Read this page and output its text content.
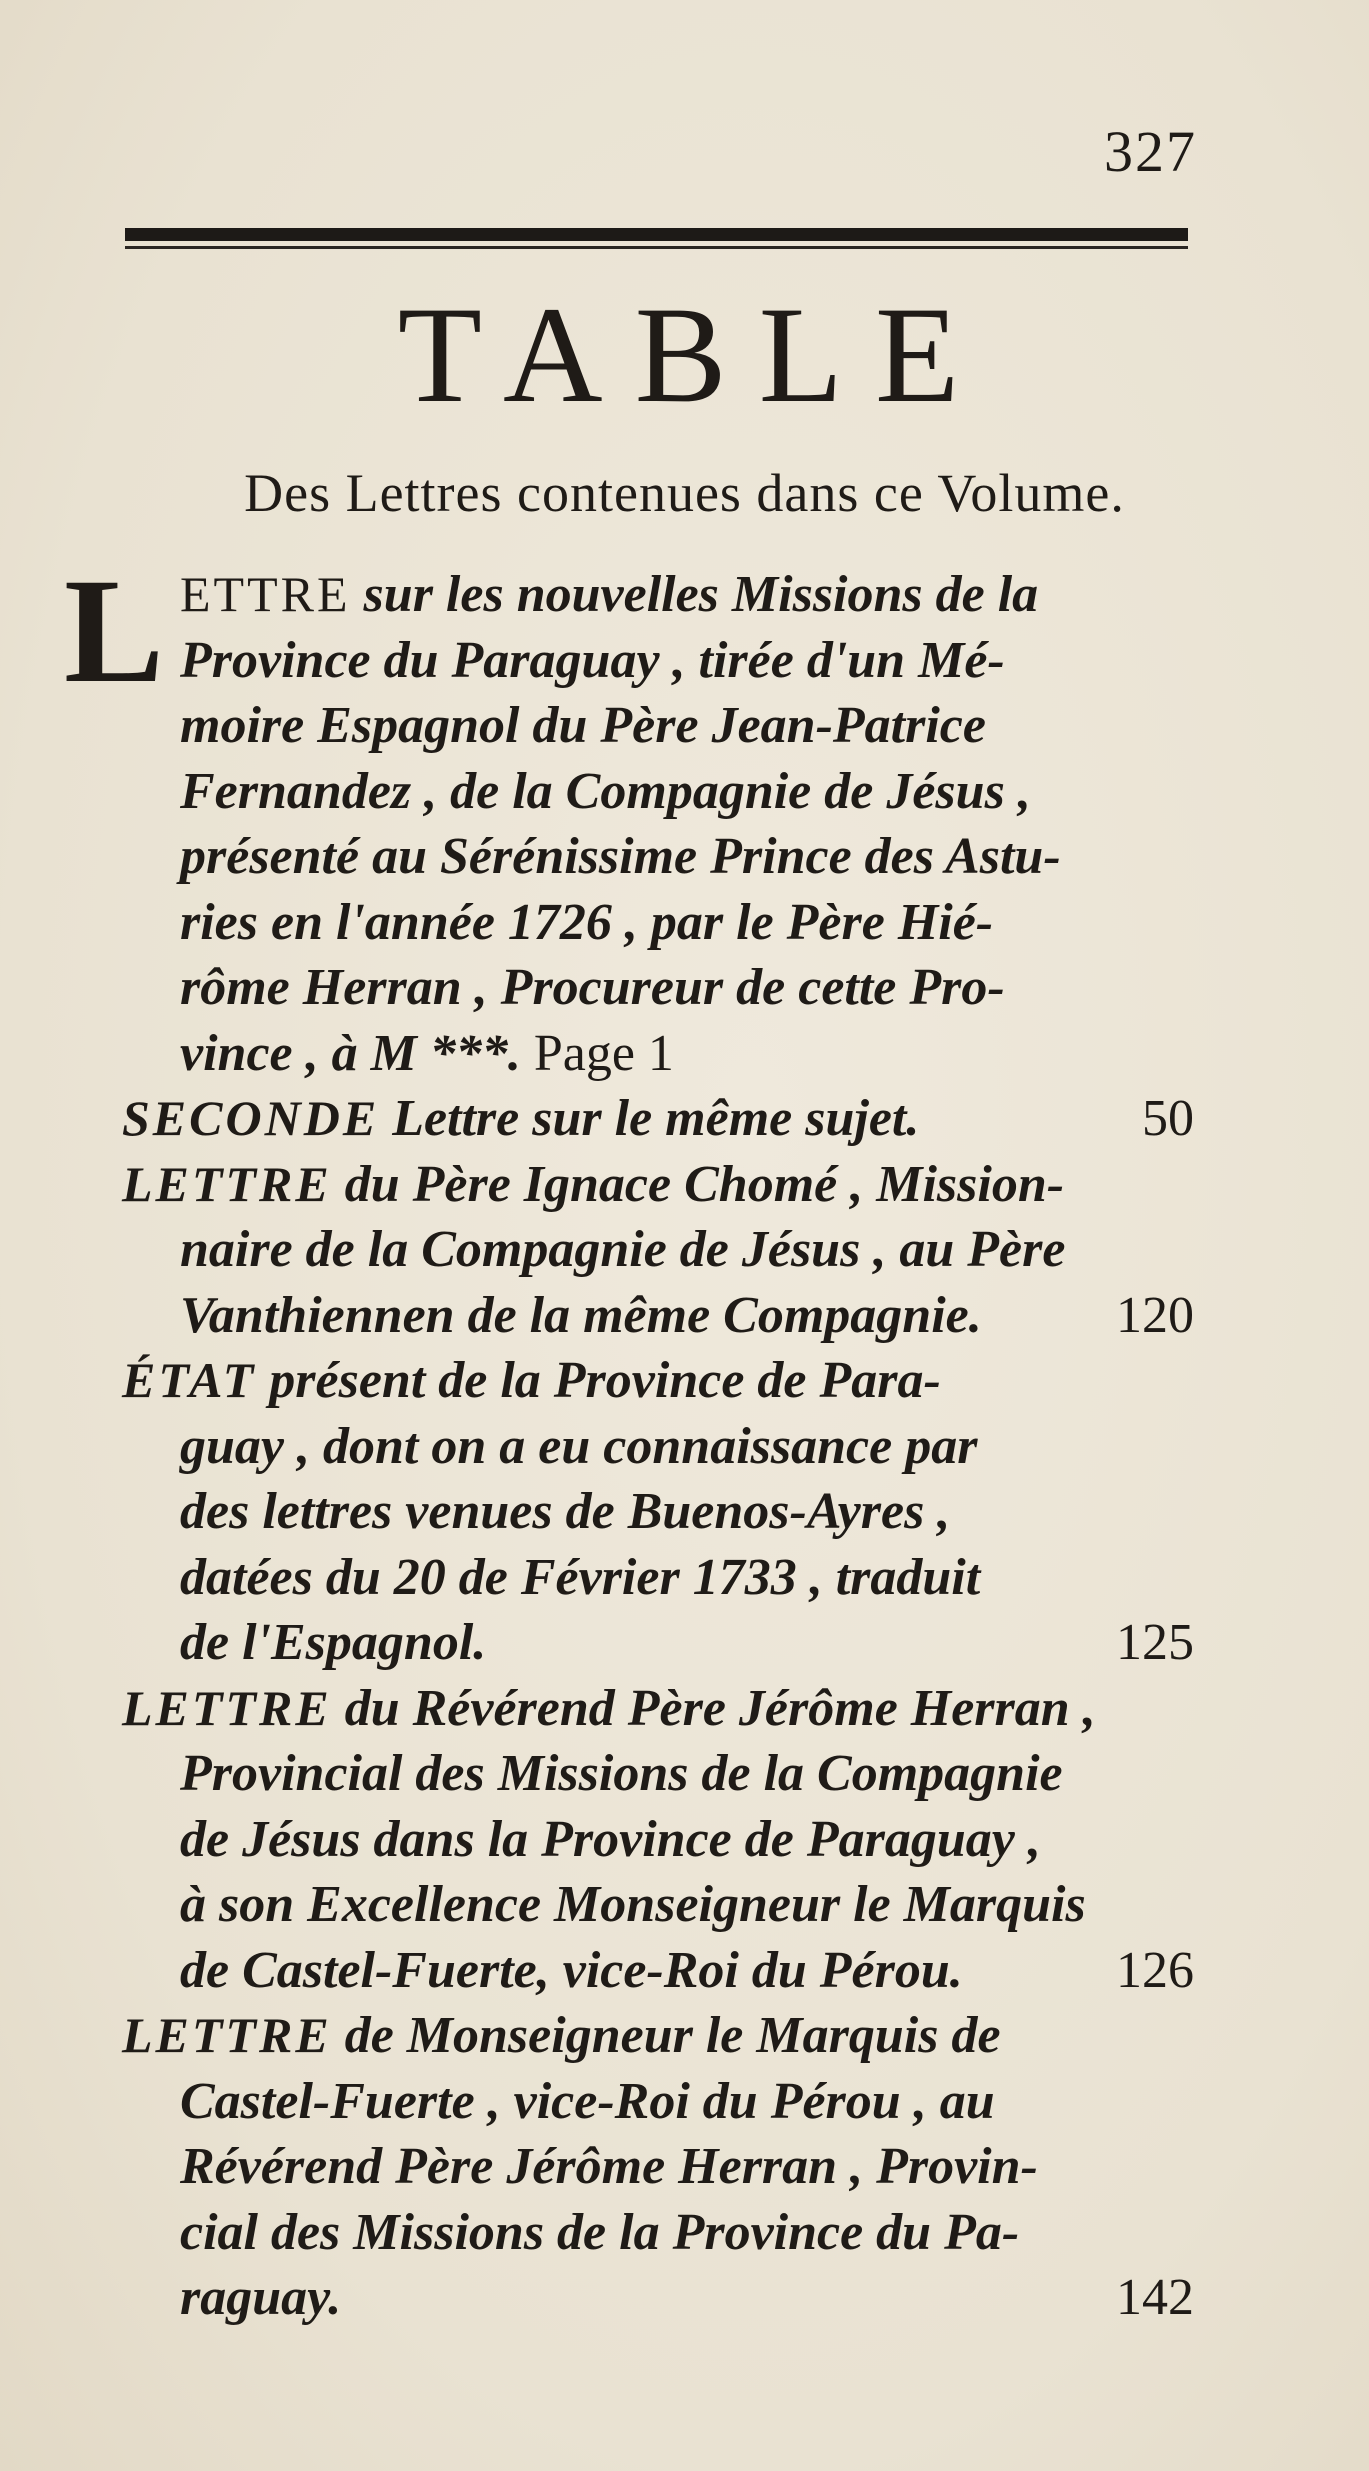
327
TABLE
Des Lettres contenues dans ce Volume.
L ETTRE sur les nouvelles Missions de la
Province du Paraguay , tirée d'un Mé-
moire Espagnol du Père Jean-Patrice
Fernandez , de la Compagnie de Jésus ,
présenté au Sérénissime Prince des Astu-
ries en l'année 1726 , par le Père Hié-
rôme Herran , Procureur de cette Pro-
vince , à M ***. Page 1
SECONDE Lettre sur le même sujet.	50
LETTRE du Père Ignace Chomé , Mission-
naire de la Compagnie de Jésus , au Père
Vanthiennen de la même Compagnie.	120
ÉTAT présent de la Province de Para-
guay , dont on a eu connaissance par
des lettres venues de Buenos-Ayres ,
datées du 20 de Février 1733 , traduit
de l'Espagnol.	125
LETTRE du Révérend Père Jérôme Herran ,
Provincial des Missions de la Compagnie
de Jésus dans la Province de Paraguay ,
à son Excellence Monseigneur le Marquis
de Castel-Fuerte, vice-Roi du Pérou.	126
LETTRE de Monseigneur le Marquis de
Castel-Fuerte , vice-Roi du Pérou , au
Révérend Père Jérôme Herran , Provin-
cial des Missions de la Province du Pa-
raguay.	142
